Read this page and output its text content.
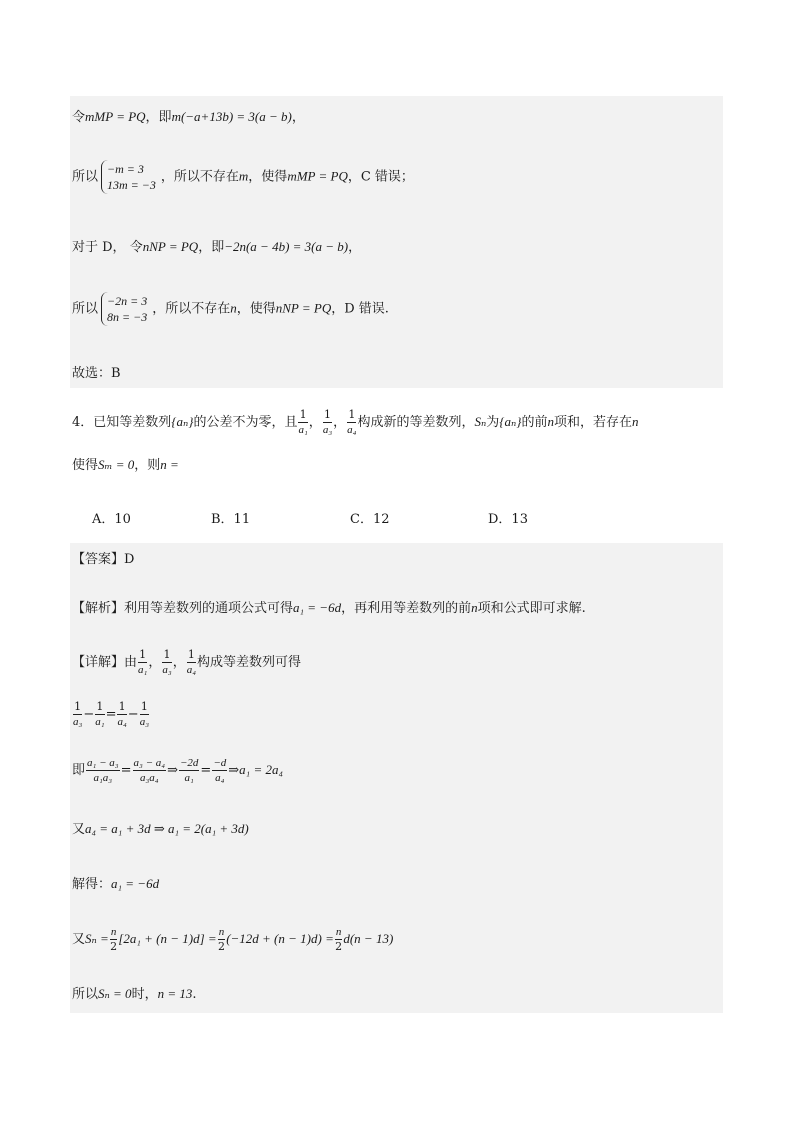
令mMP = PQ，即m(−a+13b) = 3(a − b)，
所以
−m = 3
13m = −3
，所以不存在m，使得mMP = PQ，C 错误；
对于 D， 令nNP = PQ，即−2n(a − 4b) = 3(a − b)，
所以
−2n = 3
8n = −3
，所以不存在n，使得nNP = PQ，D 错误.
故选：B
4．已知等差数列{aₙ}的公差不为零，且 $\frac{1}{\text{a₁}}$ ， $\frac{1}{\text{a₃}}$ ， $\frac{1}{\text{a₄}}$ 构成新的等差数列，Sₙ为{aₙ}的前n项和，若存在n
使得Sₘ = 0，则n =
A．10	B．11	C．12	D．13
【答案】D
【解析】利用等差数列的通项公式可得a₁ = −6d，再利用等差数列的前n项和公式即可求解.
【详解】由 $\frac{1}{\text{a₁}}$ ， $\frac{1}{\text{a₃}}$ ， $\frac{1}{\text{a₄}}$ 构成等差数列可得
$\frac{1}{\text{a₃}} - \frac{1}{\text{a₁}} = \frac{1}{\text{a₄}} - \frac{1}{\text{a₃}}$
即 $\frac{\text{a₁ − a₃}}{\text{a₁a₃}} = \frac{\text{a₃ − a₄}}{\text{a₃a₄}}$ ⇒ $\frac{-2d}{\text{a₁}} = \frac{-d}{\text{a₄}}$ ⇒a₁ = 2a₄
又a₄ = a₁ + 3d ⇒ a₁ = 2(a₁ + 3d)
解得：a₁ = −6d
又$S_n = \frac{n}{2} [2a_1 + (n - 1)d] = \frac{n}{2} (-12d + (n - 1)d) = \frac{n}{2} d(n - 13)$
所以Sₙ = 0时，n = 13.
